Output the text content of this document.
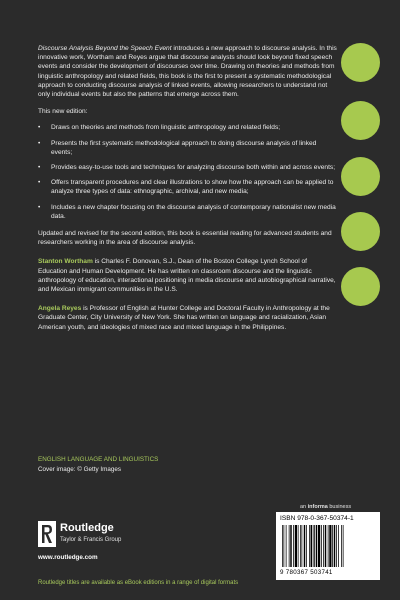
Discourse Analysis Beyond the Speech Event introduces a new approach to discourse analysis. In this innovative work, Wortham and Reyes argue that discourse analysts should look beyond fixed speech events and consider the development of discourses over time. Drawing on theories and methods from linguistic anthropology and related fields, this book is the first to present a systematic methodological approach to conducting discourse analysis of linked events, allowing researchers to understand not only individual events but also the patterns that emerge across them.

This new edition:

• Draws on theories and methods from linguistic anthropology and related fields;
• Presents the first systematic methodological approach to doing discourse analysis of linked events;
• Provides easy-to-use tools and techniques for analyzing discourse both within and across events;
• Offers transparent procedures and clear illustrations to show how the approach can be applied to analyze three types of data: ethnographic, archival, and new media;
• Includes a new chapter focusing on the discourse analysis of contemporary nationalist new media data.

Updated and revised for the second edition, this book is essential reading for advanced students and researchers working in the area of discourse analysis.

Stanton Wortham is Charles F. Donovan, S.J., Dean of the Boston College Lynch School of Education and Human Development. He has written on classroom discourse and the linguistic anthropology of education, interactional positioning in media discourse and autobiographical narrative, and Mexican immigrant communities in the U.S.

Angela Reyes is Professor of English at Hunter College and Doctoral Faculty in Anthropology at the Graduate Center, City University of New York. She has written on language and racialization, Asian American youth, and ideologies of mixed race and mixed language in the Philippines.

ENGLISH LANGUAGE AND LINGUISTICS
Cover image: © Getty Images
Routledge
Taylor & Francis Group
www.routledge.com
Routledge titles are available as eBook editions in a range of digital formats
an informa business
ISBN 978-0-367-50374-1
9 780367 503741
